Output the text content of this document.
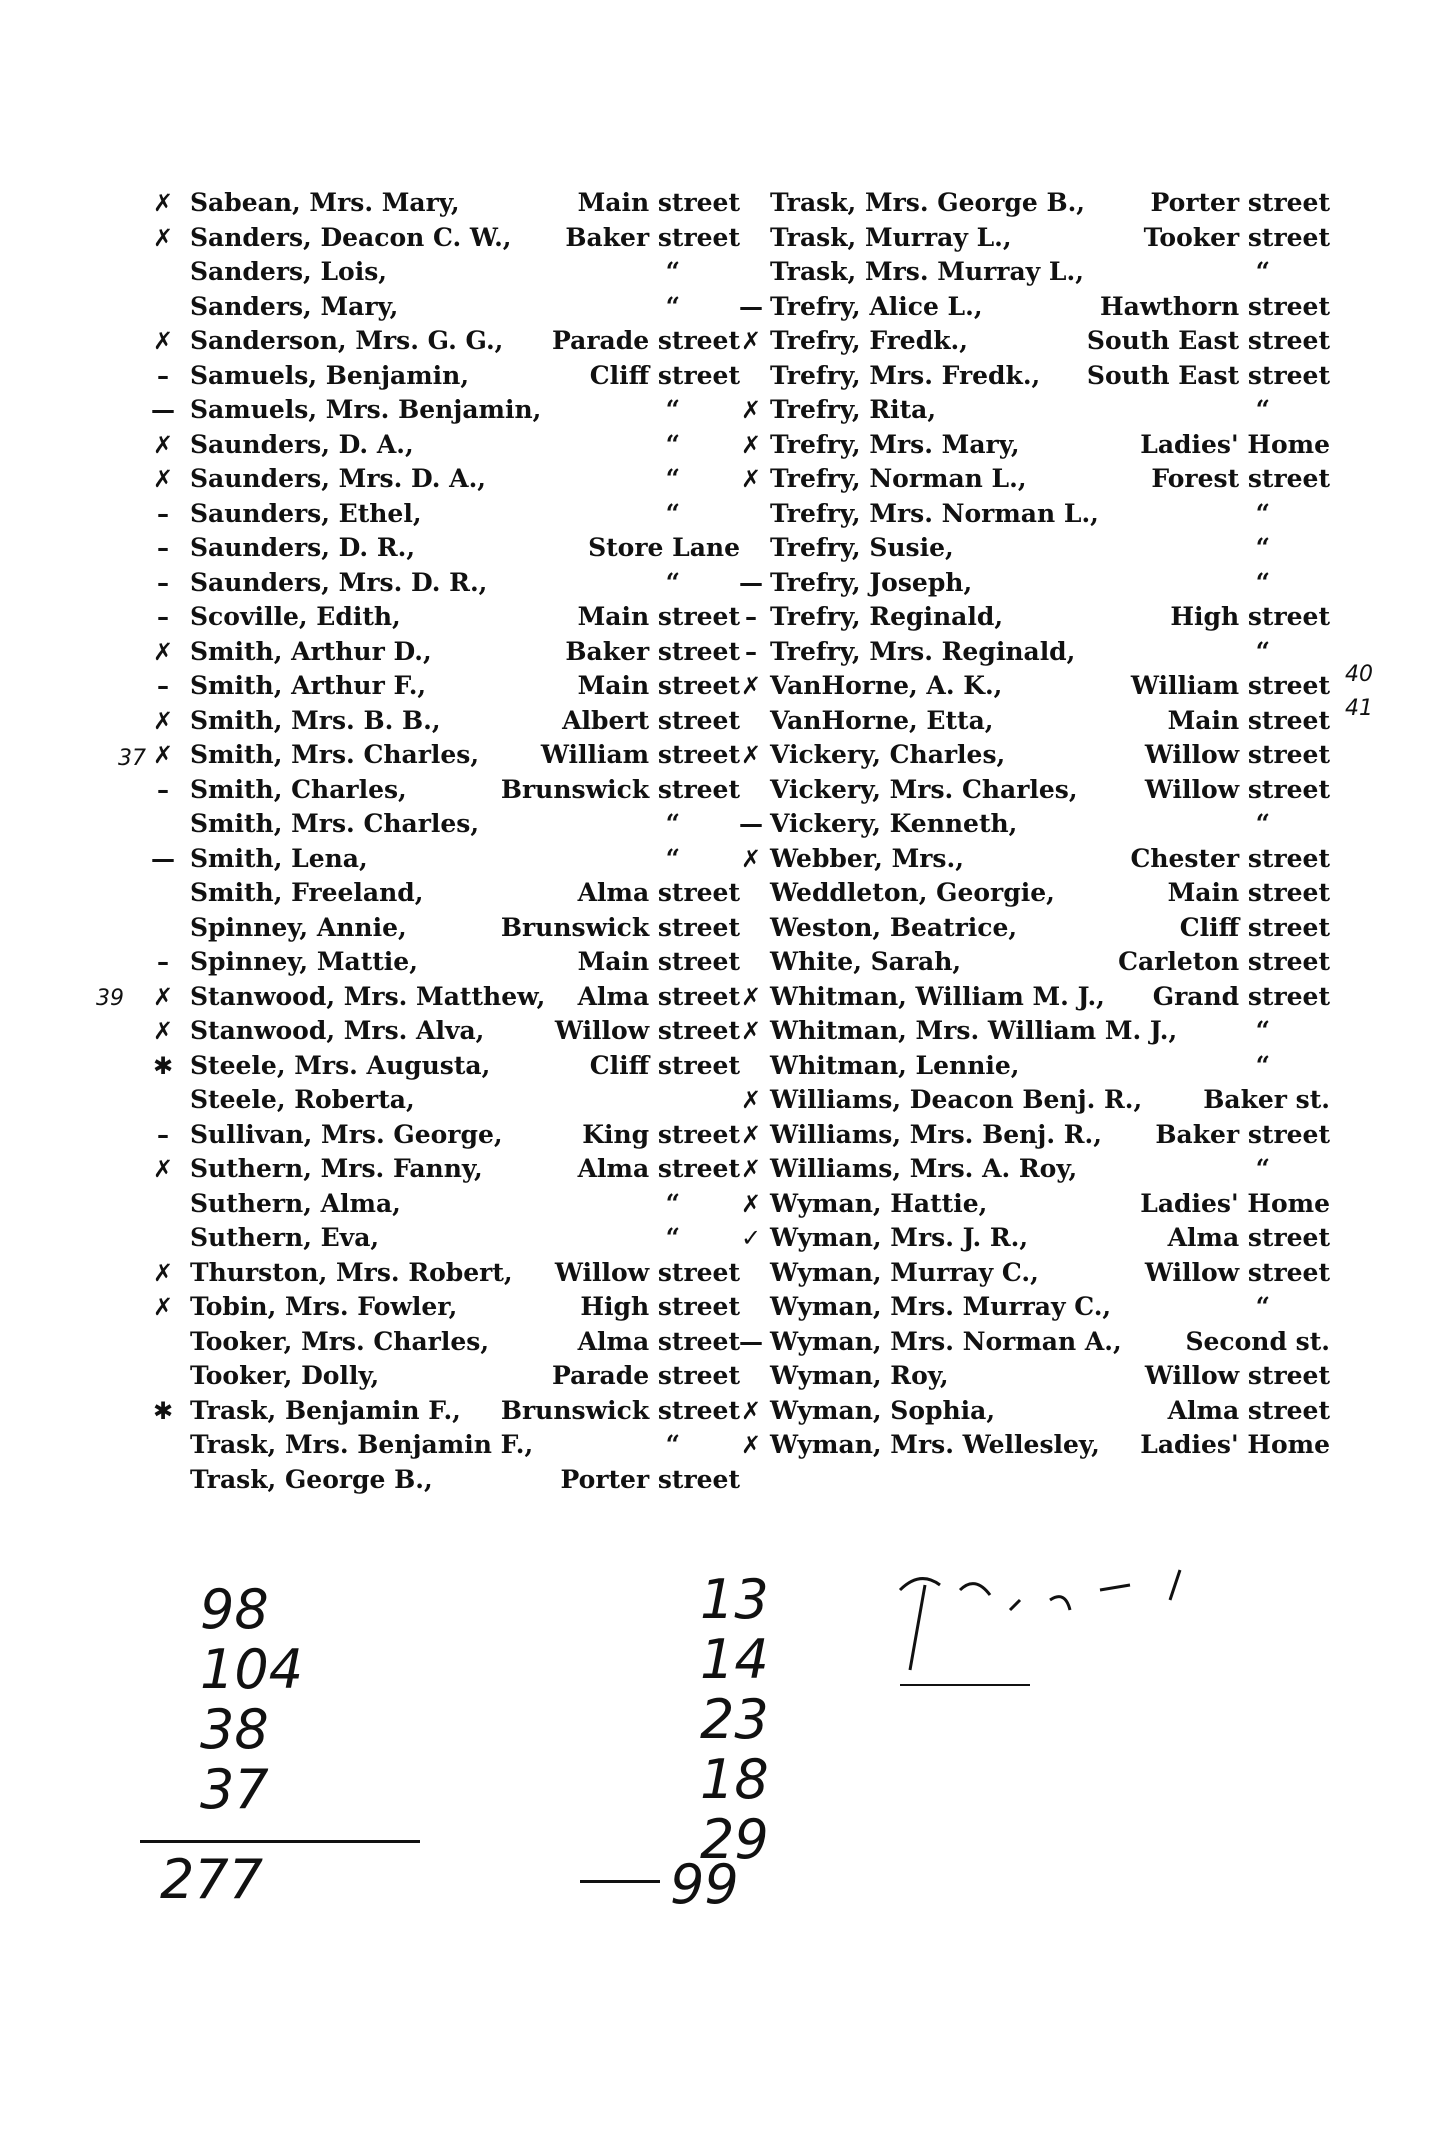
✗ Sabean, Mrs. Mary,	Main street
✗ Sanders, Deacon C. W., Baker street
Sanders, Lois,	“
Sanders, Mary,	“
✗ Sanderson, Mrs. G. G., Parade street
– Samuels, Benjamin,	Cliff street
— Samuels, Mrs. Benjamin,	“
✗ Saunders, D. A.,	“
✗ Saunders, Mrs. D. A.,	“
– Saunders, Ethel,	“
– Saunders, D. R.,	Store Lane
– Saunders, Mrs. D. R.,	“
– Scoville, Edith,	Main street
✗ Smith, Arthur D.,	Baker street
– Smith, Arthur F.,	Main street
✗ Smith, Mrs. B. B.,	Albert street
✗ Smith, Mrs. Charles, William street
– Smith, Charles,	Brunswick street
Smith, Mrs. Charles,	“
— Smith, Lena,	“
Smith, Freeland,	Alma street
Spinney, Annie,	Brunswick street
– Spinney, Mattie,	Main street
✗ Stanwood, Mrs. Matthew, Alma street
✗ Stanwood, Mrs. Alva,	Willow street
✱ Steele, Mrs. Augusta,	Cliff street
Steele, Roberta,
– Sullivan, Mrs. George,	King street
✗ Suthern, Mrs. Fanny,	Alma street
Suthern, Alma,	“
Suthern, Eva,	“
✗ Thurston, Mrs. Robert, Willow street
✗ Tobin, Mrs. Fowler,	High street
Tooker, Mrs. Charles,	Alma street
Tooker, Dolly,	Parade street
✱ Trask, Benjamin F., Brunswick street
Trask, Mrs. Benjamin F.,	“
Trask, George B.,	Porter street
Trask, Mrs. George B.,	Porter street
Trask, Murray L.,	Tooker street
Trask, Mrs. Murray L.,	“
— Trefry, Alice L.,	Hawthorn street
✗ Trefry, Fredk.,	South East street
Trefry, Mrs. Fredk., South East street
✗ Trefry, Rita,	“
✗ Trefry, Mrs. Mary,	Ladies' Home
✗ Trefry, Norman L.,	Forest street
Trefry, Mrs. Norman L.,	“
Trefry, Susie,	“
— Trefry, Joseph,	“
– Trefry, Reginald,	High street
– Trefry, Mrs. Reginald,	“
✗ VanHorne, A. K.,	William street
VanHorne, Etta,	Main street
✗ Vickery, Charles,	Willow street
Vickery, Mrs. Charles,	Willow street
— Vickery, Kenneth,	“
✗ Webber, Mrs.,	Chester street
Weddleton, Georgie,	Main street
Weston, Beatrice,	Cliff street
White, Sarah,	Carleton street
✗ Whitman, William M. J., Grand street
✗ Whitman, Mrs. William M. J.,	“
Whitman, Lennie,	“
✗ Williams, Deacon Benj. R., Baker st.
✗ Williams, Mrs. Benj. R., Baker street
✗ Williams, Mrs. A. Roy,	“
✗ Wyman, Hattie,	Ladies' Home
✓ Wyman, Mrs. J. R.,	Alma street
Wyman, Murray C.,	Willow street
Wyman, Mrs. Murray C.,	“
— Wyman, Mrs. Norman A.,	Second st.
Wyman, Roy,	Willow street
✗ Wyman, Sophia,	Alma street
✗ Wyman, Mrs. Wellesley, Ladies' Home
37
39
40
41
98
104
38
37
277
13
14
23
18
29
99
